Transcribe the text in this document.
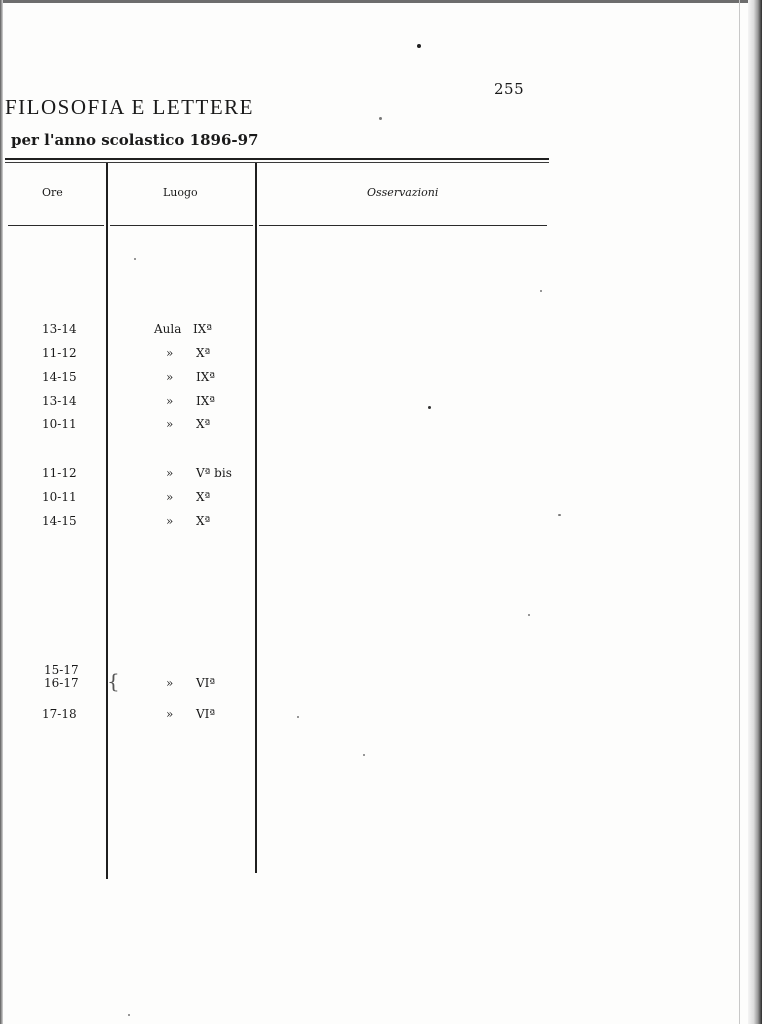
255
FILOSOFIA E LETTERE
per l'anno scolastico 1896-97
Ore	Luogo	Osservazioni
13-14	Aula IXª
11-12	» Xª
14-15	» IXª
13-14	» IXª
10-11	» Xª
11-12	» Vª bis
10-11	» Xª
14-15	» Xª
15-17
16-17 {	» VIª
17-18	» VIª
